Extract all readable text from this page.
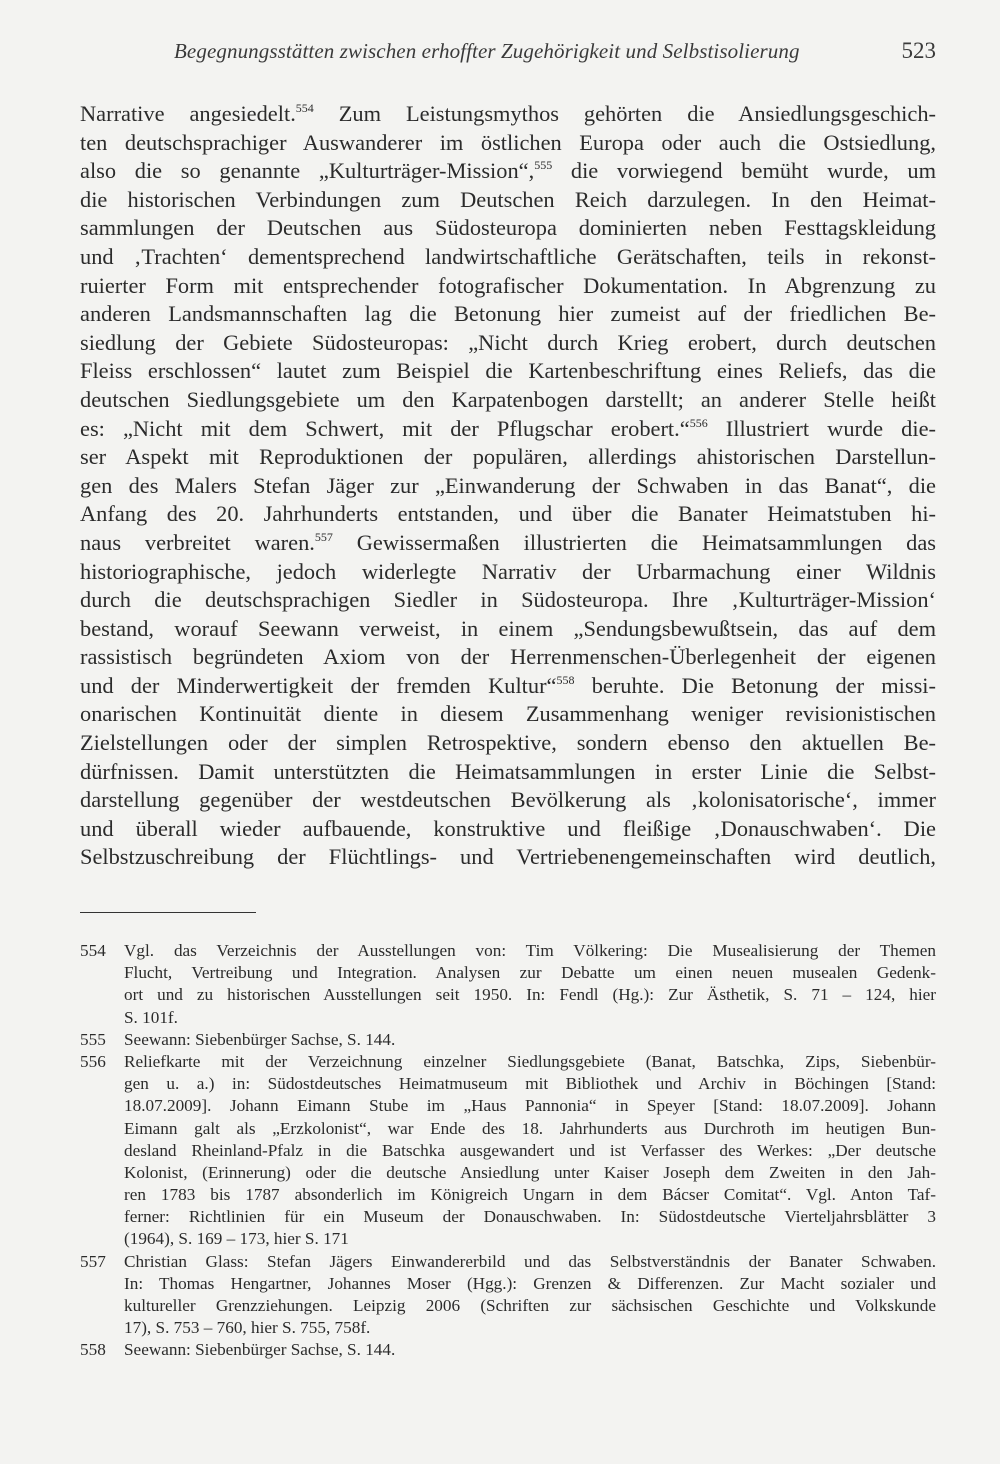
Begegnungsstätten zwischen erhoffter Zugehörigkeit und Selbstisolierung	523
Narrative angesiedelt.$^{554}$ Zum Leistungsmythos gehörten die Ansiedlungsgeschich-
ten deutschsprachiger Auswanderer im östlichen Europa oder auch die Ostsiedlung,
also die so genannte „Kulturträger-Mission“,$^{555}$ die vorwiegend bemüht wurde, um
die historischen Verbindungen zum Deutschen Reich darzulegen. In den Heimat-
sammlungen der Deutschen aus Südosteuropa dominierten neben Festtagskleidung
und ‚Trachten‘ dementsprechend landwirtschaftliche Gerätschaften, teils in rekonst-
ruierter Form mit entsprechender fotografischer Dokumentation. In Abgrenzung zu
anderen Landsmannschaften lag die Betonung hier zumeist auf der friedlichen Be-
siedlung der Gebiete Südosteuropas: „Nicht durch Krieg erobert, durch deutschen
Fleiss erschlossen“ lautet zum Beispiel die Kartenbeschriftung eines Reliefs, das die
deutschen Siedlungsgebiete um den Karpatenbogen darstellt; an anderer Stelle heißt
es: „Nicht mit dem Schwert, mit der Pflugschar erobert.“$^{556}$ Illustriert wurde die-
ser Aspekt mit Reproduktionen der populären, allerdings ahistorischen Darstellun-
gen des Malers Stefan Jäger zur „Einwanderung der Schwaben in das Banat“, die
Anfang des 20. Jahrhunderts entstanden, und über die Banater Heimatstuben hi-
naus verbreitet waren.$^{557}$ Gewissermaßen illustrierten die Heimatsammlungen das
historiographische, jedoch widerlegte Narrativ der Urbarmachung einer Wildnis
durch die deutschsprachigen Siedler in Südosteuropa. Ihre ‚Kulturträger-Mission‘
bestand, worauf Seewann verweist, in einem „Sendungsbewußtsein, das auf dem
rassistisch begründeten Axiom von der Herrenmenschen-Überlegenheit der eigenen
und der Minderwertigkeit der fremden Kultur“$^{558}$ beruhte. Die Betonung der missi-
onarischen Kontinuität diente in diesem Zusammenhang weniger revisionistischen
Zielstellungen oder der simplen Retrospektive, sondern ebenso den aktuellen Be-
dürfnissen. Damit unterstützten die Heimatsammlungen in erster Linie die Selbst-
darstellung gegenüber der westdeutschen Bevölkerung als ‚kolonisatorische‘, immer
und überall wieder aufbauende, konstruktive und fleißige ‚Donauschwaben‘. Die
Selbstzuschreibung der Flüchtlings- und Vertriebenengemeinschaften wird deutlich,
554	Vgl. das Verzeichnis der Ausstellungen von: Tim Völkering: Die Musealisierung der Themen
Flucht, Vertreibung und Integration. Analysen zur Debatte um einen neuen musealen Gedenk-
ort und zu historischen Ausstellungen seit 1950. In: Fendl (Hg.): Zur Ästhetik, S. 71 – 124, hier
S. 101f.
555	Seewann: Siebenbürger Sachse, S. 144.
556	Reliefkarte mit der Verzeichnung einzelner Siedlungsgebiete (Banat, Batschka, Zips, Siebenbür-
gen u. a.) in: Südostdeutsches Heimatmuseum mit Bibliothek und Archiv in Böchingen [Stand:
18.07.2009]. Johann Eimann Stube im „Haus Pannonia“ in Speyer [Stand: 18.07.2009]. Johann
Eimann galt als „Erzkolonist“, war Ende des 18. Jahrhunderts aus Durchroth im heutigen Bun-
desland Rheinland-Pfalz in die Batschka ausgewandert und ist Verfasser des Werkes: „Der deutsche
Kolonist, (Erinnerung) oder die deutsche Ansiedlung unter Kaiser Joseph dem Zweiten in den Jah-
ren 1783 bis 1787 absonderlich im Königreich Ungarn in dem Bácser Comitat“. Vgl. Anton Taf-
ferner: Richtlinien für ein Museum der Donauschwaben. In: Südostdeutsche Vierteljahrsblätter 3
(1964), S. 169 – 173, hier S. 171
557	Christian Glass: Stefan Jägers Einwandererbild und das Selbstverständnis der Banater Schwaben.
In: Thomas Hengartner, Johannes Moser (Hgg.): Grenzen & Differenzen. Zur Macht sozialer und
kultureller Grenzziehungen. Leipzig 2006 (Schriften zur sächsischen Geschichte und Volkskunde
17), S. 753 – 760, hier S. 755, 758f.
558	Seewann: Siebenbürger Sachse, S. 144.
